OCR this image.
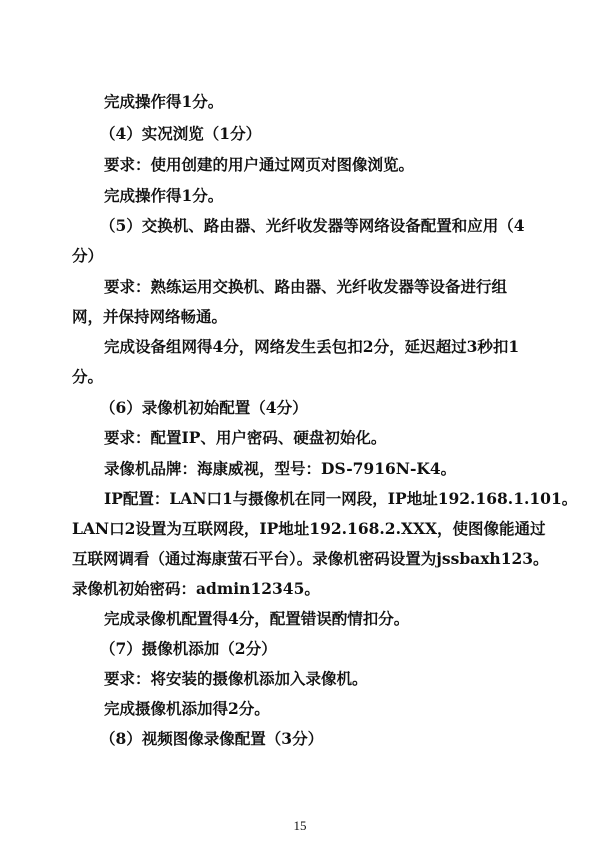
完成操作得1分。
（4）实况浏览（1分）
要求：使用创建的用户通过网页对图像浏览。
完成操作得1分。
（5）交换机、路由器、光纤收发器等网络设备配置和应用（4
分）
要求：熟练运用交换机、路由器、光纤收发器等设备进行组
网，并保持网络畅通。
完成设备组网得4分，网络发生丢包扣2分，延迟超过3秒扣1
分。
（6）录像机初始配置（4分）
要求：配置IP、用户密码、硬盘初始化。
录像机品牌：海康威视，型号：DS-7916N-K4。
IP配置：LAN口1与摄像机在同一网段，IP地址192.168.1.101。
LAN口2设置为互联网段，IP地址192.168.2.XXX，使图像能通过
互联网调看（通过海康萤石平台）。录像机密码设置为jssbaxh123。
录像机初始密码：admin12345。
完成录像机配置得4分，配置错误酌情扣分。
（7）摄像机添加（2分）
要求：将安装的摄像机添加入录像机。
完成摄像机添加得2分。
（8）视频图像录像配置（3分）
15
